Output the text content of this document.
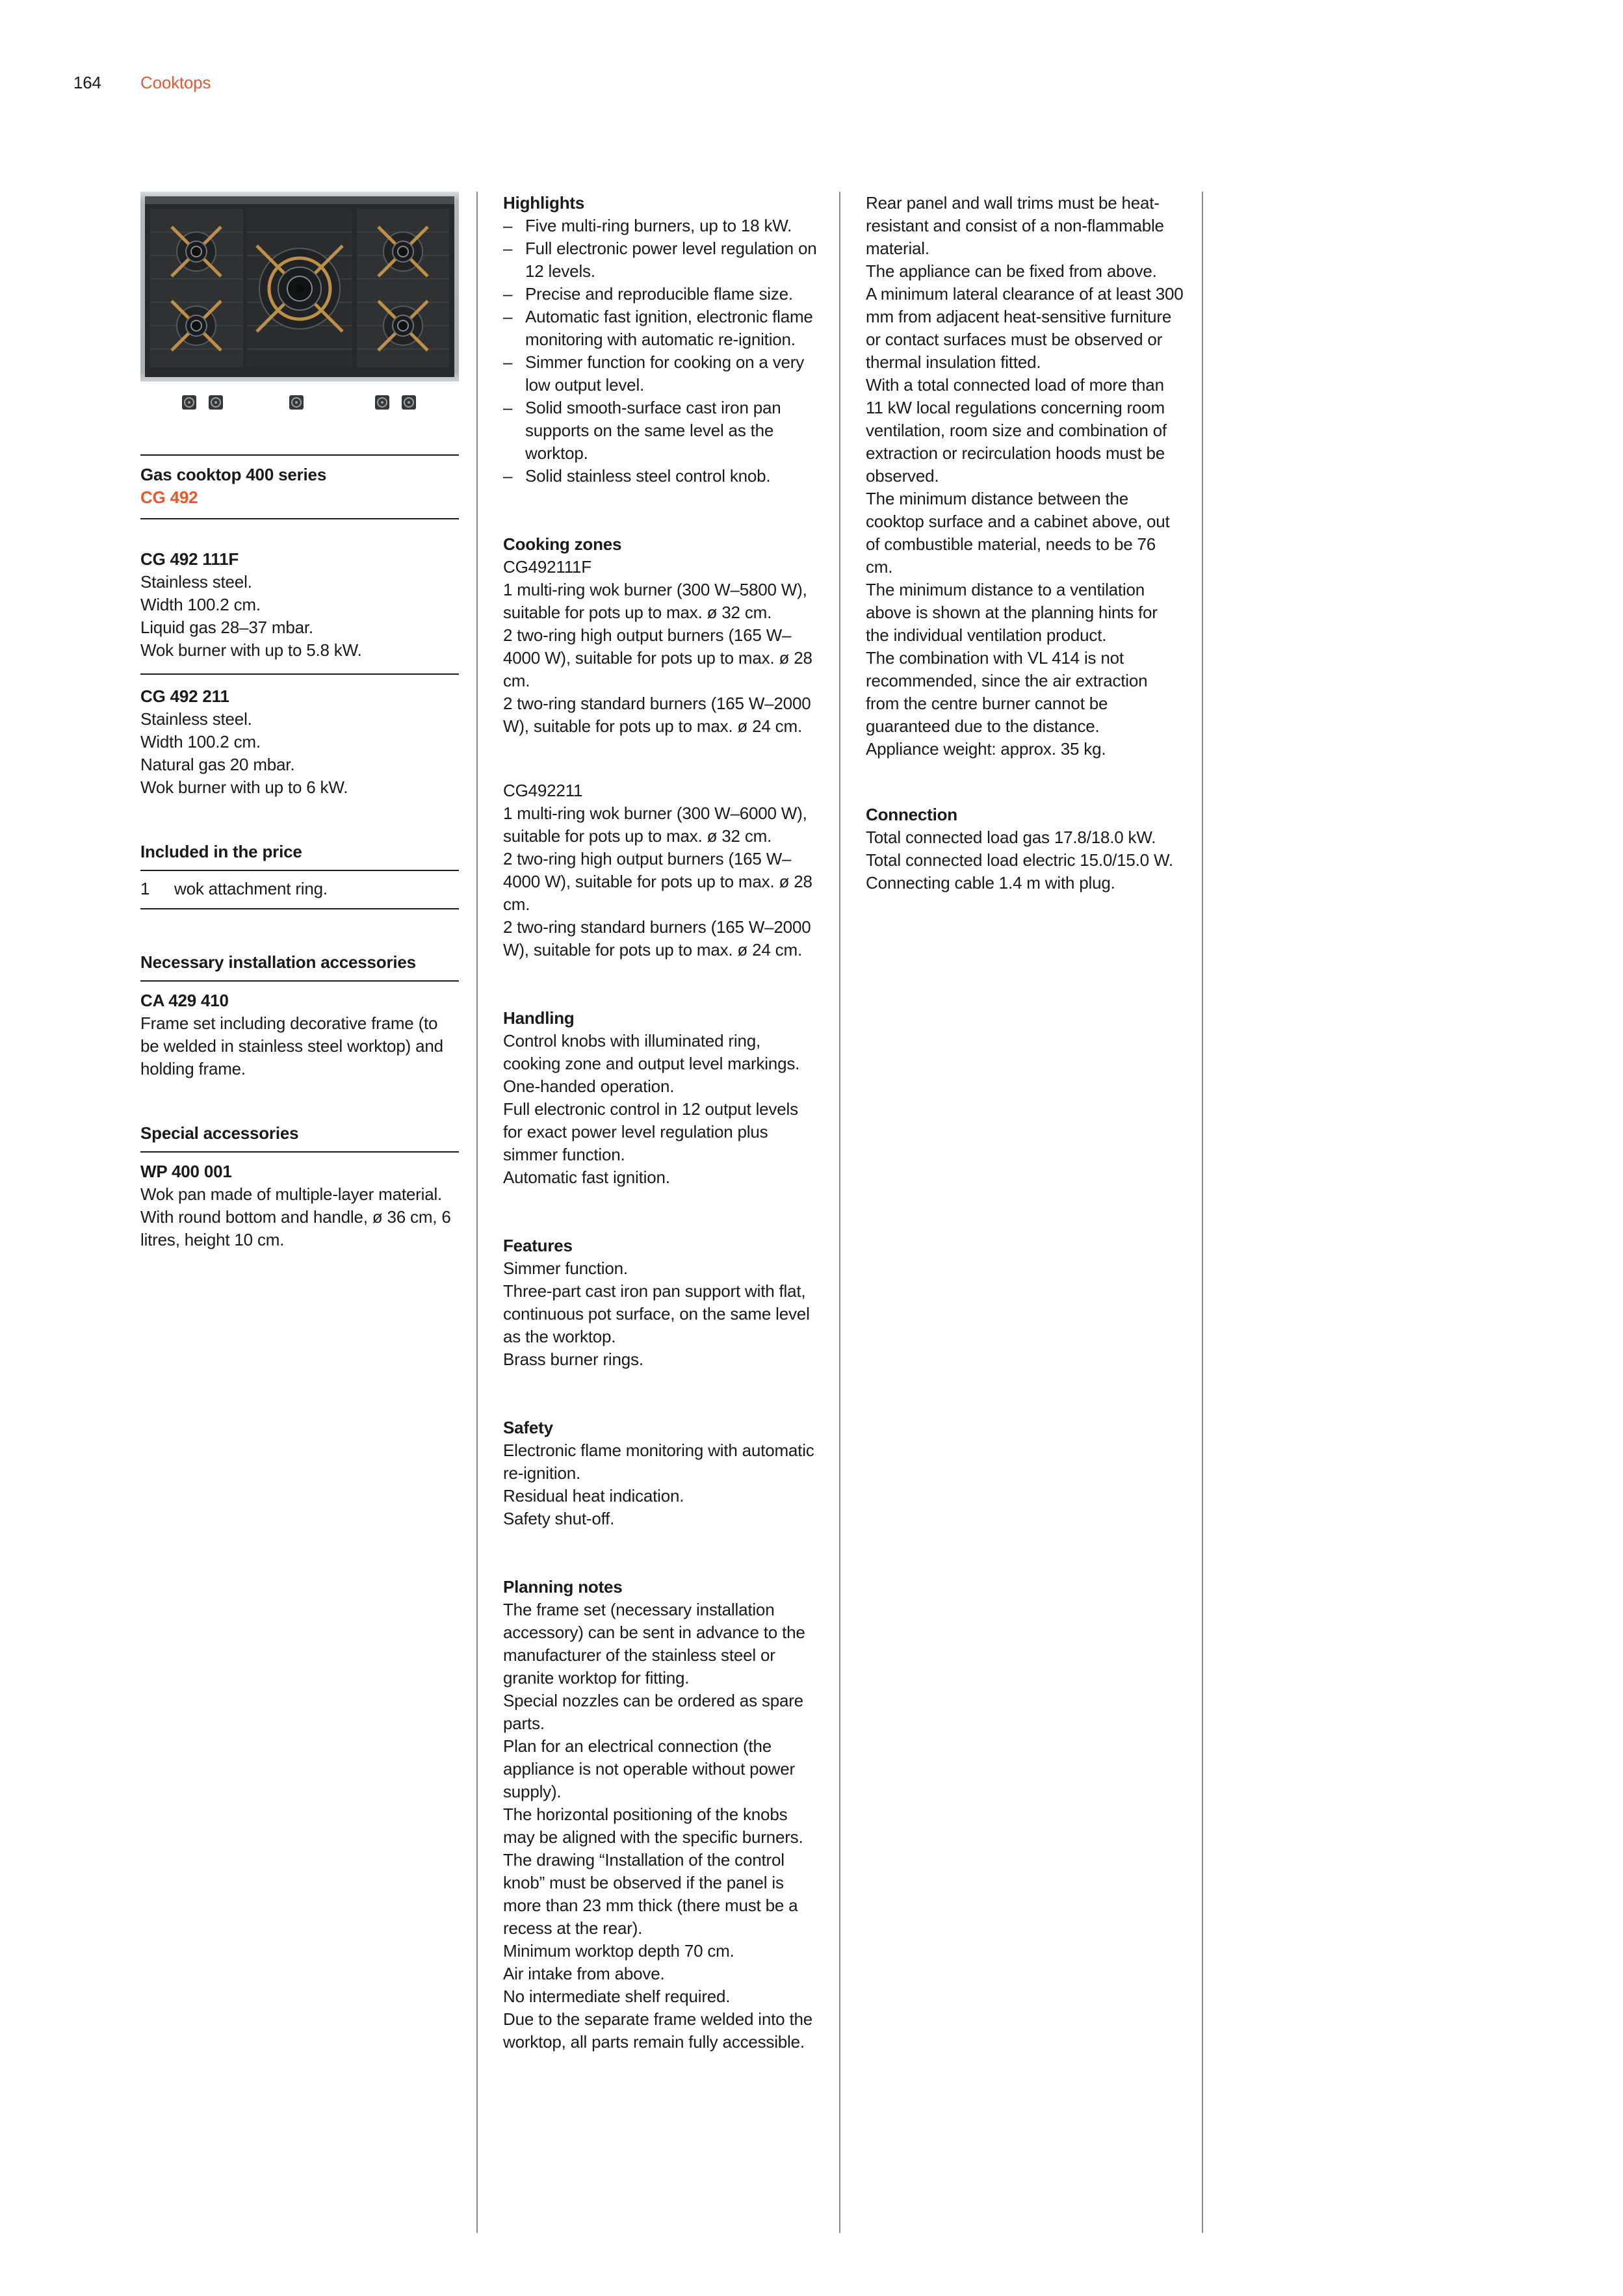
164	Cooktops
Gas cooktop 400 series
CG 492
CG 492 111F
Stainless steel.
Width 100.2 cm.
Liquid gas 28–37 mbar.
Wok burner with up to 5.8 kW.
CG 492 211
Stainless steel.
Width 100.2 cm.
Natural gas 20 mbar.
Wok burner with up to 6 kW.
Included in the price
1	wok attachment ring.
Necessary installation accessories
CA 429 410

Frame set including decorative frame (to be welded in stainless steel worktop) and holding frame.

Special accessories
WP 400 001

Wok pan made of multiple-layer material.

With round bottom and handle, ø 36 cm, 6 litres, height 10 cm.

Highlights
– Five multi-ring burners, up to 18 kW.
– Full electronic power level regulation on 12 levels.
– Precise and reproducible flame size.
– Automatic fast ignition, electronic flame monitoring with automatic re-ignition.
– Simmer function for cooking on a very low output level.
– Solid smooth-surface cast iron pan supports on the same level as the worktop.
– Solid stainless steel control knob.
Cooking zones
CG492111F

1 multi-ring wok burner (300 W–5800 W), suitable for pots up to max. ø 32 cm.

2 two-ring high output burners (165 W–4000 W), suitable for pots up to max. ø 28 cm.

2 two-ring standard burners (165 W–2000 W), suitable for pots up to max. ø 24 cm.

CG492211

1 multi-ring wok burner (300 W–6000 W), suitable for pots up to max. ø 32 cm.

2 two-ring high output burners (165 W–4000 W), suitable for pots up to max. ø 28 cm.

2 two-ring standard burners (165 W–2000 W), suitable for pots up to max. ø 24 cm.

Handling

Control knobs with illuminated ring, cooking zone and output level markings.

One-handed operation.

Full electronic control in 12 output levels for exact power level regulation plus simmer function.

Automatic fast ignition.

Features

Simmer function.

Three-part cast iron pan support with flat, continuous pot surface, on the same level as the worktop.

Brass burner rings.

Safety

Electronic flame monitoring with automatic re-ignition.

Residual heat indication.

Safety shut-off.

Planning notes

The frame set (necessary installation accessory) can be sent in advance to the manufacturer of the stainless steel or granite worktop for fitting.

Special nozzles can be ordered as spare parts.

Plan for an electrical connection (the appliance is not operable without power supply).

The horizontal positioning of the knobs may be aligned with the specific burners.

The drawing “Installation of the control knob” must be observed if the panel is more than 23 mm thick (there must be a recess at the rear).

Minimum worktop depth 70 cm.

Air intake from above.

No intermediate shelf required.

Due to the separate frame welded into the worktop, all parts remain fully accessible.

Rear panel and wall trims must be heat-resistant and consist of a non-flammable material.

The appliance can be fixed from above.

A minimum lateral clearance of at least 300 mm from adjacent heat-sensitive furniture or contact surfaces must be observed or thermal insulation fitted.

With a total connected load of more than 11 kW local regulations concerning room ventilation, room size and combination of extraction or recirculation hoods must be observed.

The minimum distance between the cooktop surface and a cabinet above, out of combustible material, needs to be 76 cm.

The minimum distance to a ventilation above is shown at the planning hints for the individual ventilation product.

The combination with VL 414 is not recommended, since the air extraction from the centre burner cannot be guaranteed due to the distance.

Appliance weight: approx. 35 kg.

Connection

Total connected load gas 17.8/18.0 kW.

Total connected load electric 15.0/15.0 W.

Connecting cable 1.4 m with plug.
